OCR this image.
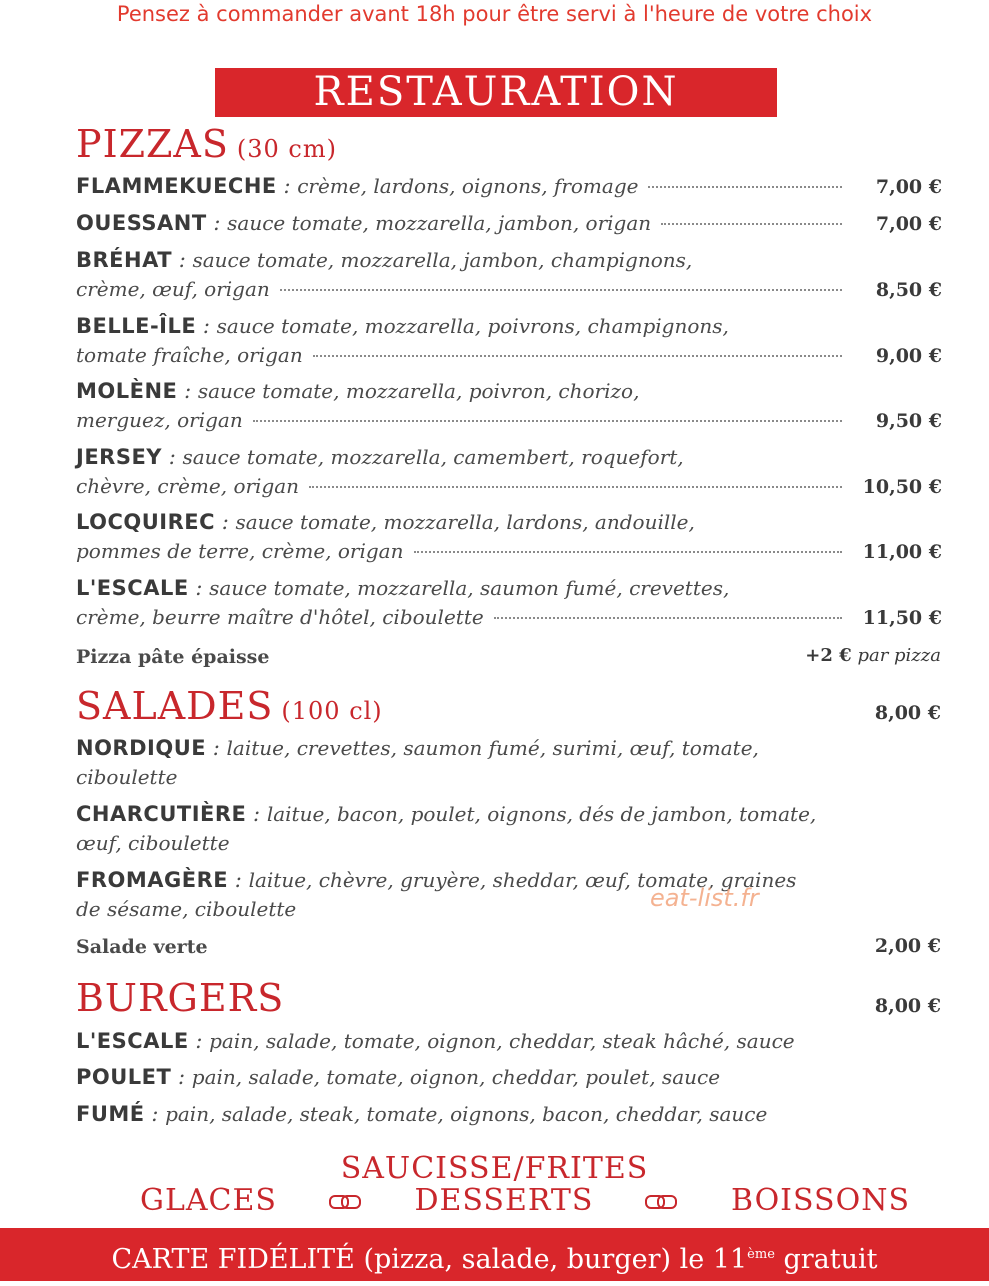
Pensez à commander avant 18h pour être servi à l'heure de votre choix
RESTAURATION
PIZZAS (30 cm)
FLAMMEKUECHE : crème, lardons, oignons, fromage	7,00 €
OUESSANT : sauce tomate, mozzarella, jambon, origan	7,00 €
BRÉHAT : sauce tomate, mozzarella, jambon, champignons,
crème, œuf, origan	8,50 €
BELLE-ÎLE : sauce tomate, mozzarella, poivrons, champignons,
tomate fraîche, origan	9,00 €
MOLÈNE : sauce tomate, mozzarella, poivron, chorizo,
merguez, origan	9,50 €
JERSEY : sauce tomate, mozzarella, camembert, roquefort,
chèvre, crème, origan	10,50 €
LOCQUIREC : sauce tomate, mozzarella, lardons, andouille,
pommes de terre, crème, origan	11,00 €
L'ESCALE : sauce tomate, mozzarella, saumon fumé, crevettes,
crème, beurre maître d'hôtel, ciboulette	11,50 €
Pizza pâte épaisse	+2 € par pizza
SALADES (100 cl)	8,00 €
NORDIQUE : laitue, crevettes, saumon fumé, surimi, œuf, tomate,
ciboulette
CHARCUTIÈRE : laitue, bacon, poulet, oignons, dés de jambon, tomate,
œuf, ciboulette
FROMAGÈRE : laitue, chèvre, gruyère, sheddar, œuf, tomate, graines
de sésame, ciboulette
Salade verte	2,00 €
eat-list.fr
BURGERS	8,00 €
L'ESCALE : pain, salade, tomate, oignon, cheddar, steak hâché, sauce
POULET : pain, salade, tomate, oignon, cheddar, poulet, sauce
FUMÉ : pain, salade, steak, tomate, oignons, bacon, cheddar, sauce
SAUCISSE/FRITES
GLACES	DESSERTS	BOISSONS
CARTE FIDÉLITÉ (pizza, salade, burger) le 11ème gratuit
